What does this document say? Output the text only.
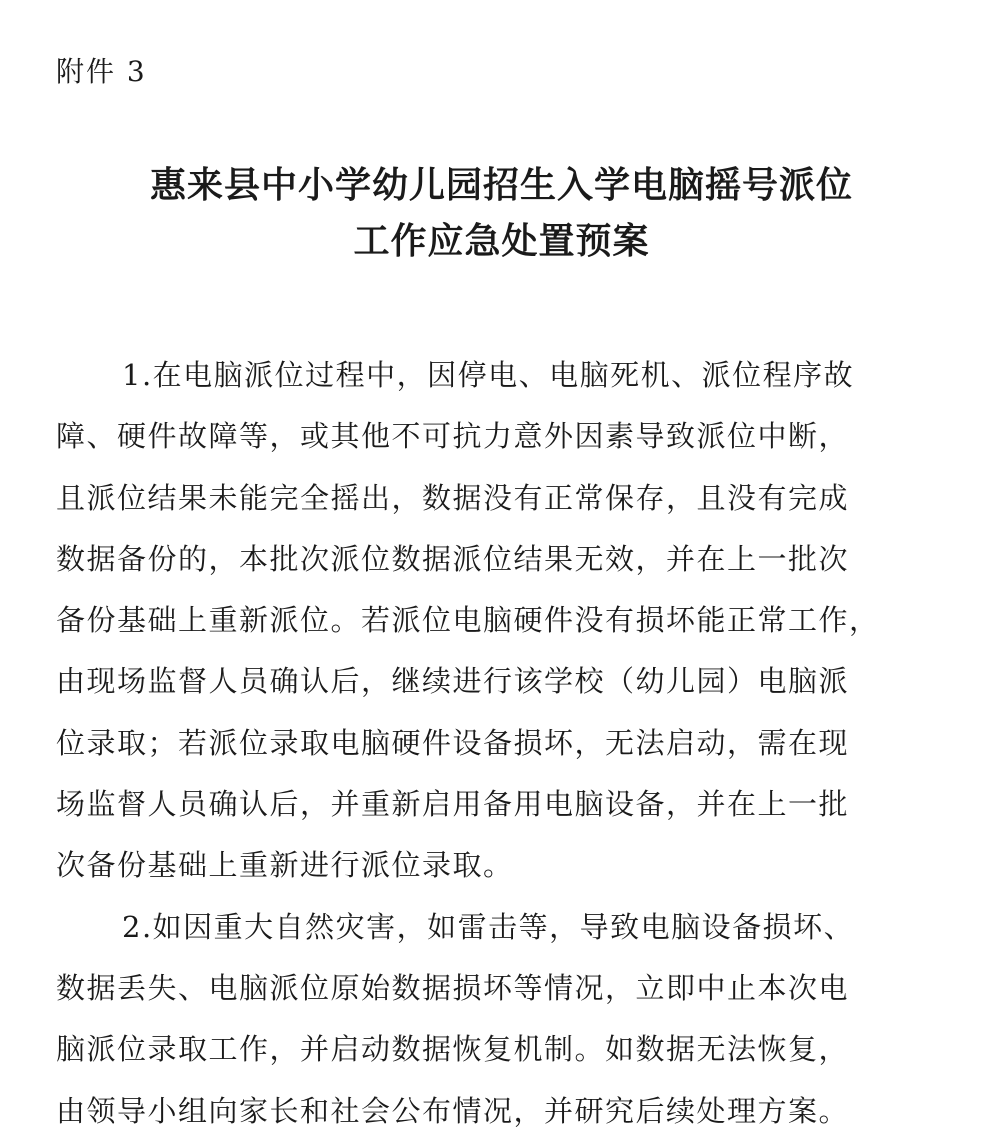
附件 3
惠来县中小学幼儿园招生入学电脑摇号派位
工作应急处置预案
1.在电脑派位过程中，因停电、电脑死机、派位程序故
障、硬件故障等，或其他不可抗力意外因素导致派位中断，
且派位结果未能完全摇出，数据没有正常保存，且没有完成
数据备份的，本批次派位数据派位结果无效，并在上一批次
备份基础上重新派位。若派位电脑硬件没有损坏能正常工作，
由现场监督人员确认后，继续进行该学校（幼儿园）电脑派
位录取；若派位录取电脑硬件设备损坏，无法启动，需在现
场监督人员确认后，并重新启用备用电脑设备，并在上一批
次备份基础上重新进行派位录取。
2.如因重大自然灾害，如雷击等，导致电脑设备损坏、
数据丢失、电脑派位原始数据损坏等情况，立即中止本次电
脑派位录取工作，并启动数据恢复机制。如数据无法恢复，
由领导小组向家长和社会公布情况，并研究后续处理方案。
